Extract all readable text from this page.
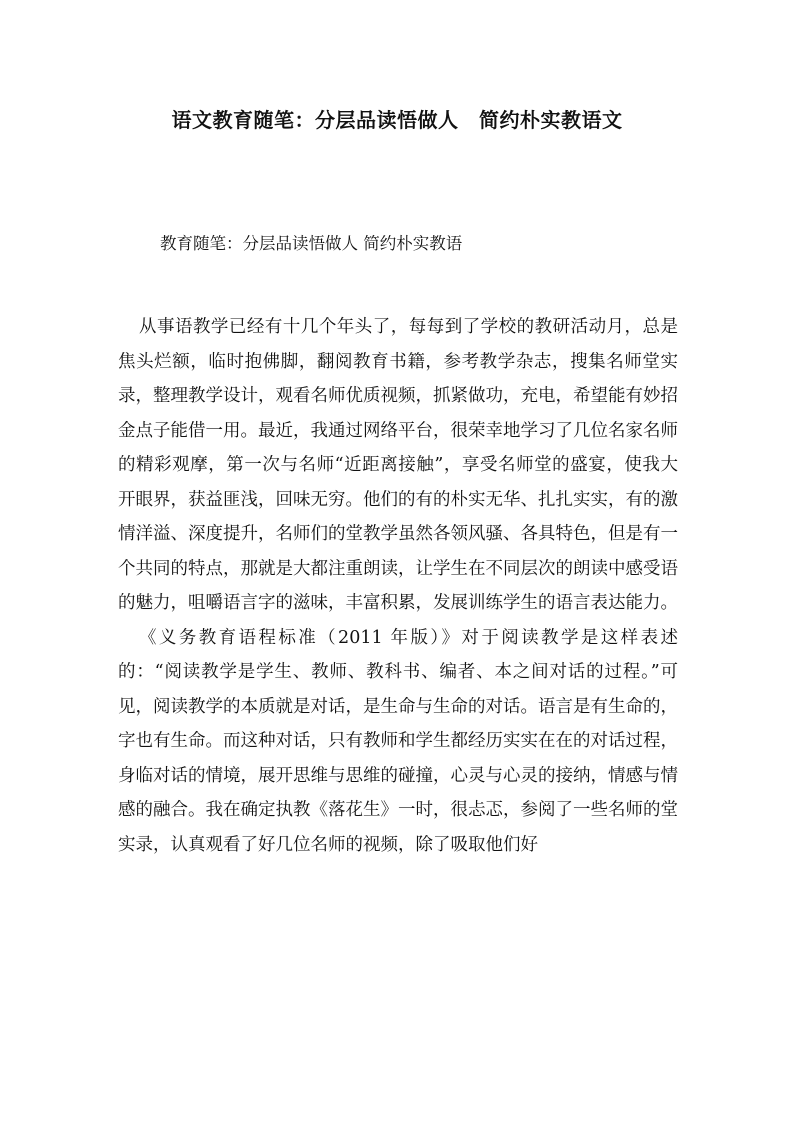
语文教育随笔：分层品读悟做人　简约朴实教语文

教育随笔：分层品读悟做人 简约朴实教语

从事语教学已经有十几个年头了，每每到了学校的教研活动月，总是焦头烂额，临时抱佛脚，翻阅教育书籍，参考教学杂志，搜集名师堂实录，整理教学设计，观看名师优质视频，抓紧做功，充电，希望能有妙招金点子能借一用。最近，我通过网络平台，很荣幸地学习了几位名家名师的精彩观摩，第一次与名师“近距离接触”，享受名师堂的盛宴，使我大开眼界，获益匪浅，回味无穷。他们的有的朴实无华、扎扎实实，有的激情洋溢、深度提升，名师们的堂教学虽然各领风骚、各具特色，但是有一个共同的特点，那就是大都注重朗读，让学生在不同层次的朗读中感受语的魅力，咀嚼语言字的滋味，丰富积累，发展训练学生的语言表达能力。

《义务教育语程标准（2011 年版）》对于阅读教学是这样表述的：“阅读教学是学生、教师、教科书、编者、本之间对话的过程。”可见，阅读教学的本质就是对话，是生命与生命的对话。语言是有生命的，字也有生命。而这种对话，只有教师和学生都经历实实在在的对话过程，身临对话的情境，展开思维与思维的碰撞，心灵与心灵的接纳，情感与情感的融合。我在确定执教《落花生》一时，很忐忑，参阅了一些名师的堂实录，认真观看了好几位名师的视频，除了吸取他们好
